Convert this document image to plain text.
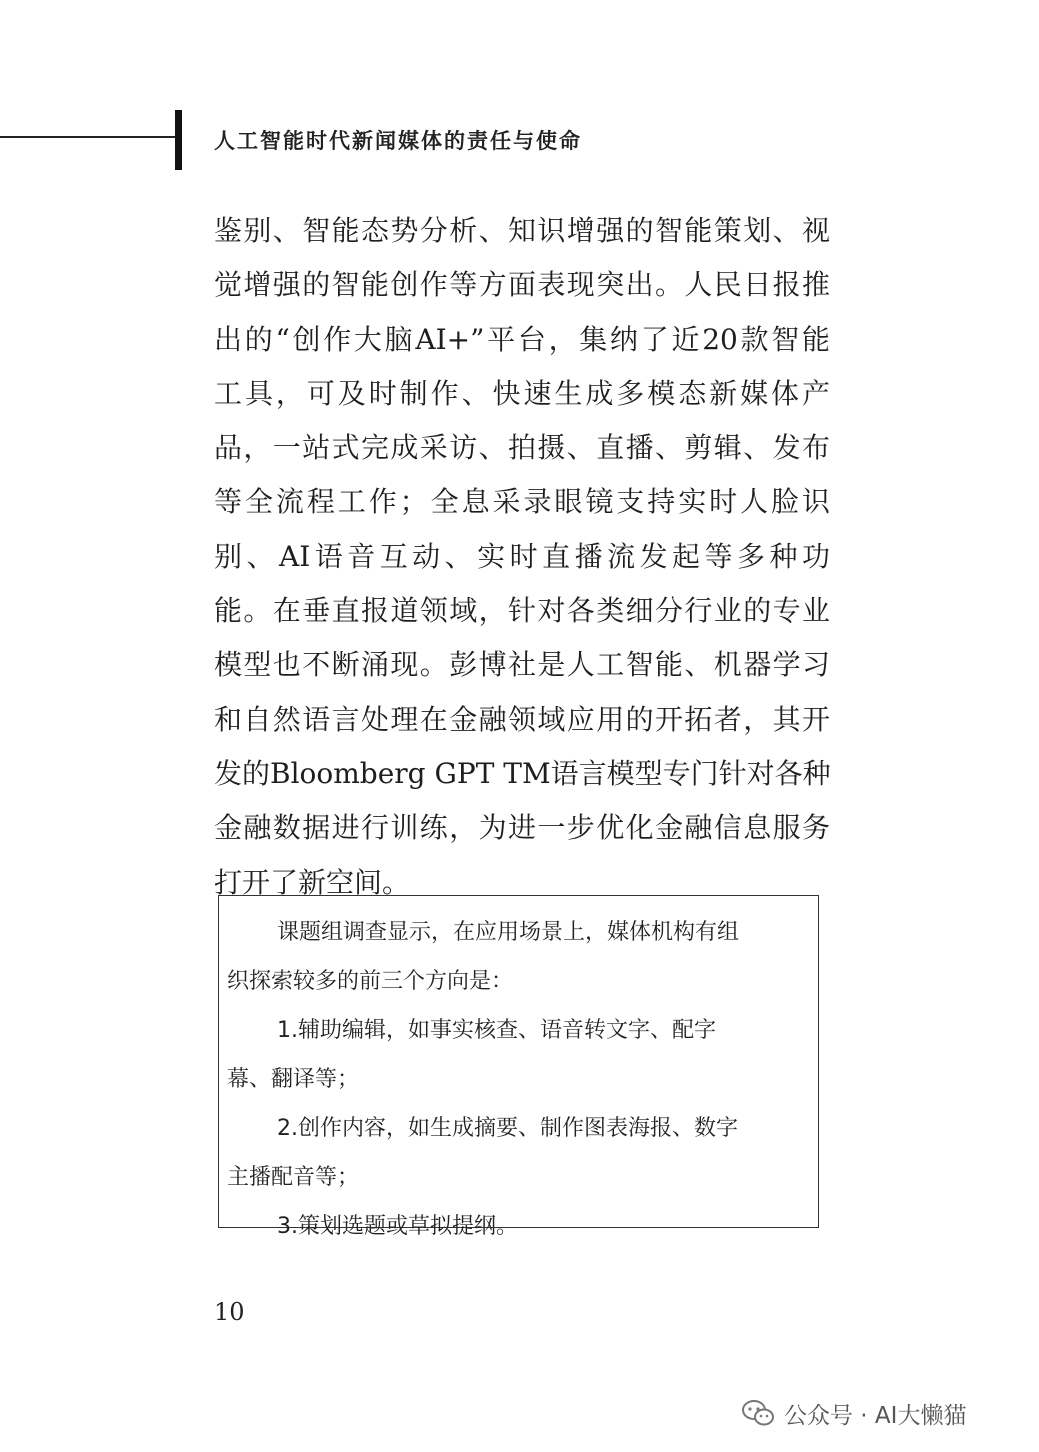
人工智能时代新闻媒体的责任与使命
鉴别、智能态势分析、知识增强的智能策划、视
觉增强的智能创作等方面表现突出。人民日报推
出的“创作大脑AI+”平台，集纳了近20款智能
工具，可及时制作、快速生成多模态新媒体产
品，一站式完成采访、拍摄、直播、剪辑、发布
等全流程工作；全息采录眼镜支持实时人脸识
别、AI语音互动、实时直播流发起等多种功
能。在垂直报道领域，针对各类细分行业的专业
模型也不断涌现。彭博社是人工智能、机器学习
和自然语言处理在金融领域应用的开拓者，其开
发的Bloomberg GPT TM语言模型专门针对各种
金融数据进行训练，为进一步优化金融信息服务
打开了新空间。
课题组调查显示，在应用场景上，媒体机构有组
织探索较多的前三个方向是：
1.辅助编辑，如事实核查、语音转文字、配字
幕、翻译等；
2.创作内容，如生成摘要、制作图表海报、数字
主播配音等；
3.策划选题或草拟提纲。
10
公众号 · AI大懒猫
